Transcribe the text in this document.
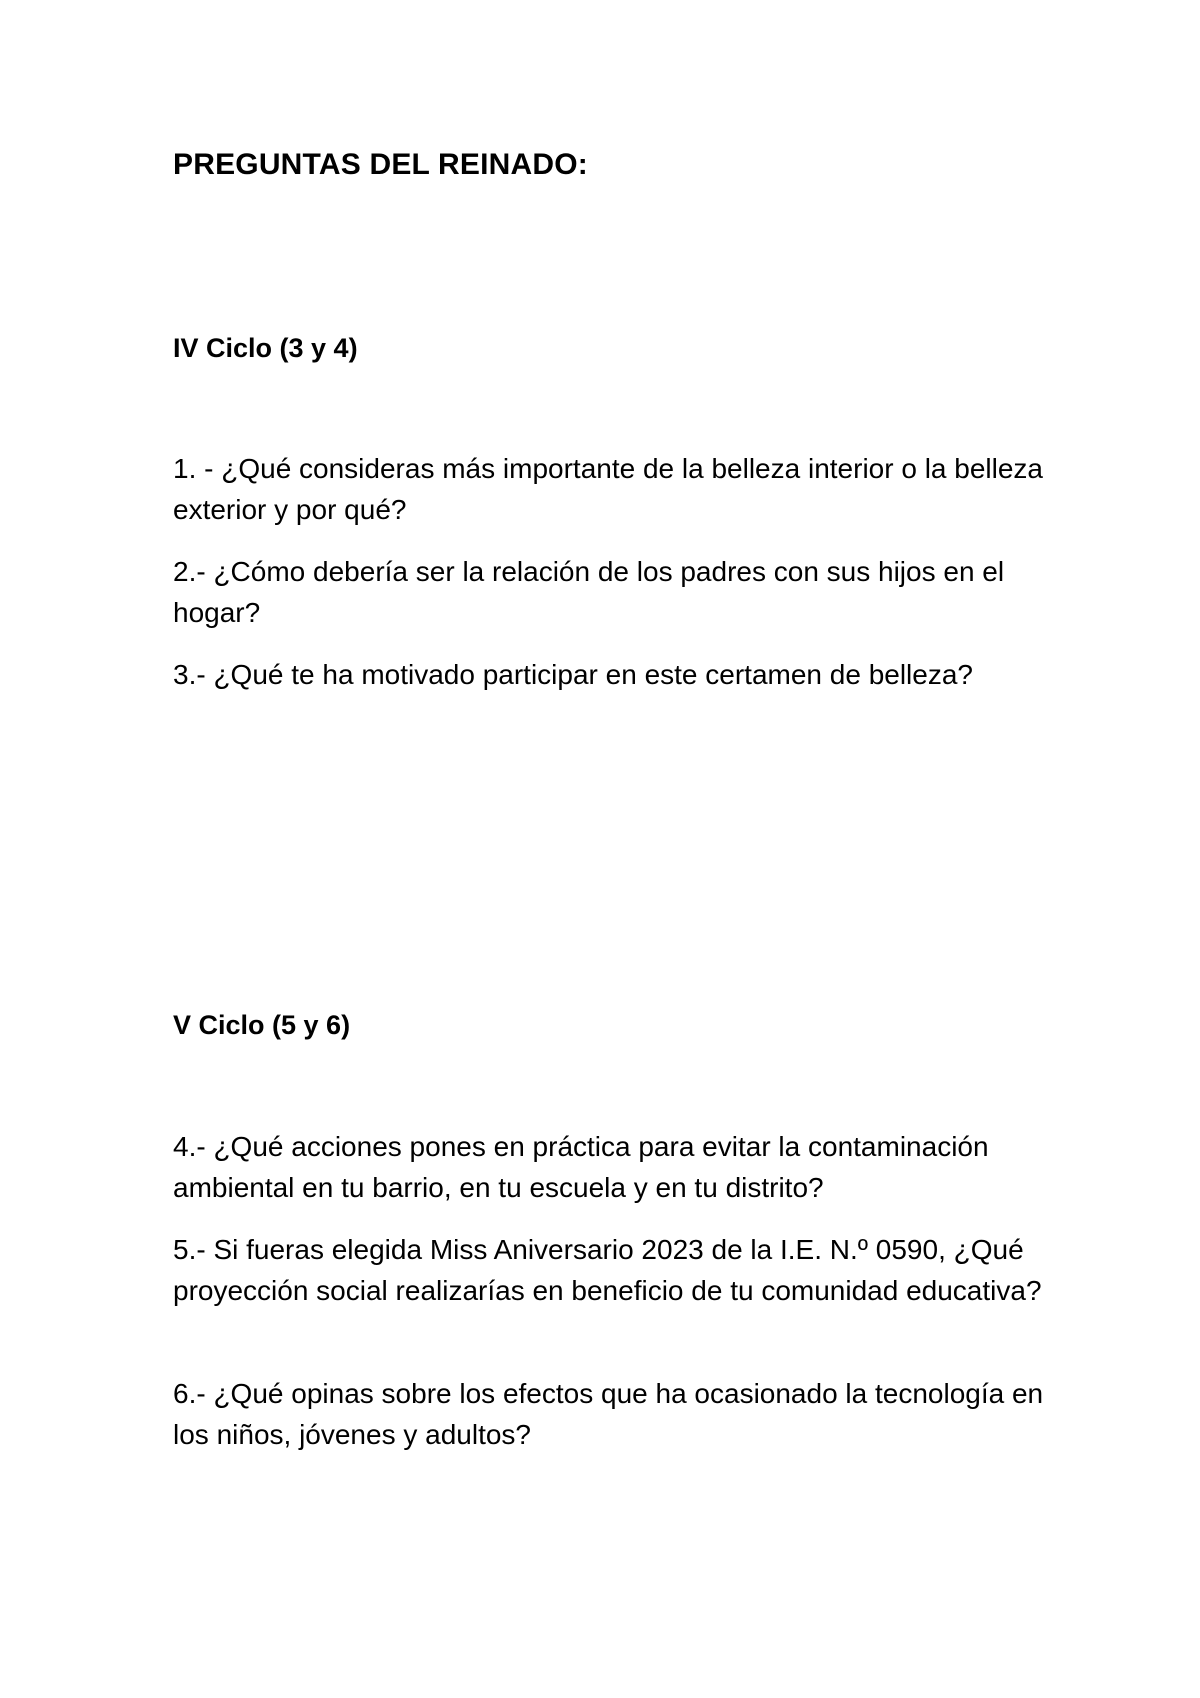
PREGUNTAS DEL REINADO:
IV Ciclo (3 y 4)

1. - ¿Qué consideras más importante de la belleza interior o la belleza exterior y por qué?

2.- ¿Cómo debería ser la relación de los padres con sus hijos en el hogar?

3.- ¿Qué te ha motivado participar en este certamen de belleza?

V Ciclo (5 y 6)

4.- ¿Qué acciones pones en práctica para evitar la contaminación ambiental en tu barrio, en tu escuela y en tu distrito?

5.- Si fueras elegida Miss Aniversario 2023 de la I.E. N.º 0590, ¿Qué proyección social realizarías en beneficio de tu comunidad educativa?

6.- ¿Qué opinas sobre los efectos que ha ocasionado la tecnología en los niños, jóvenes y adultos?
